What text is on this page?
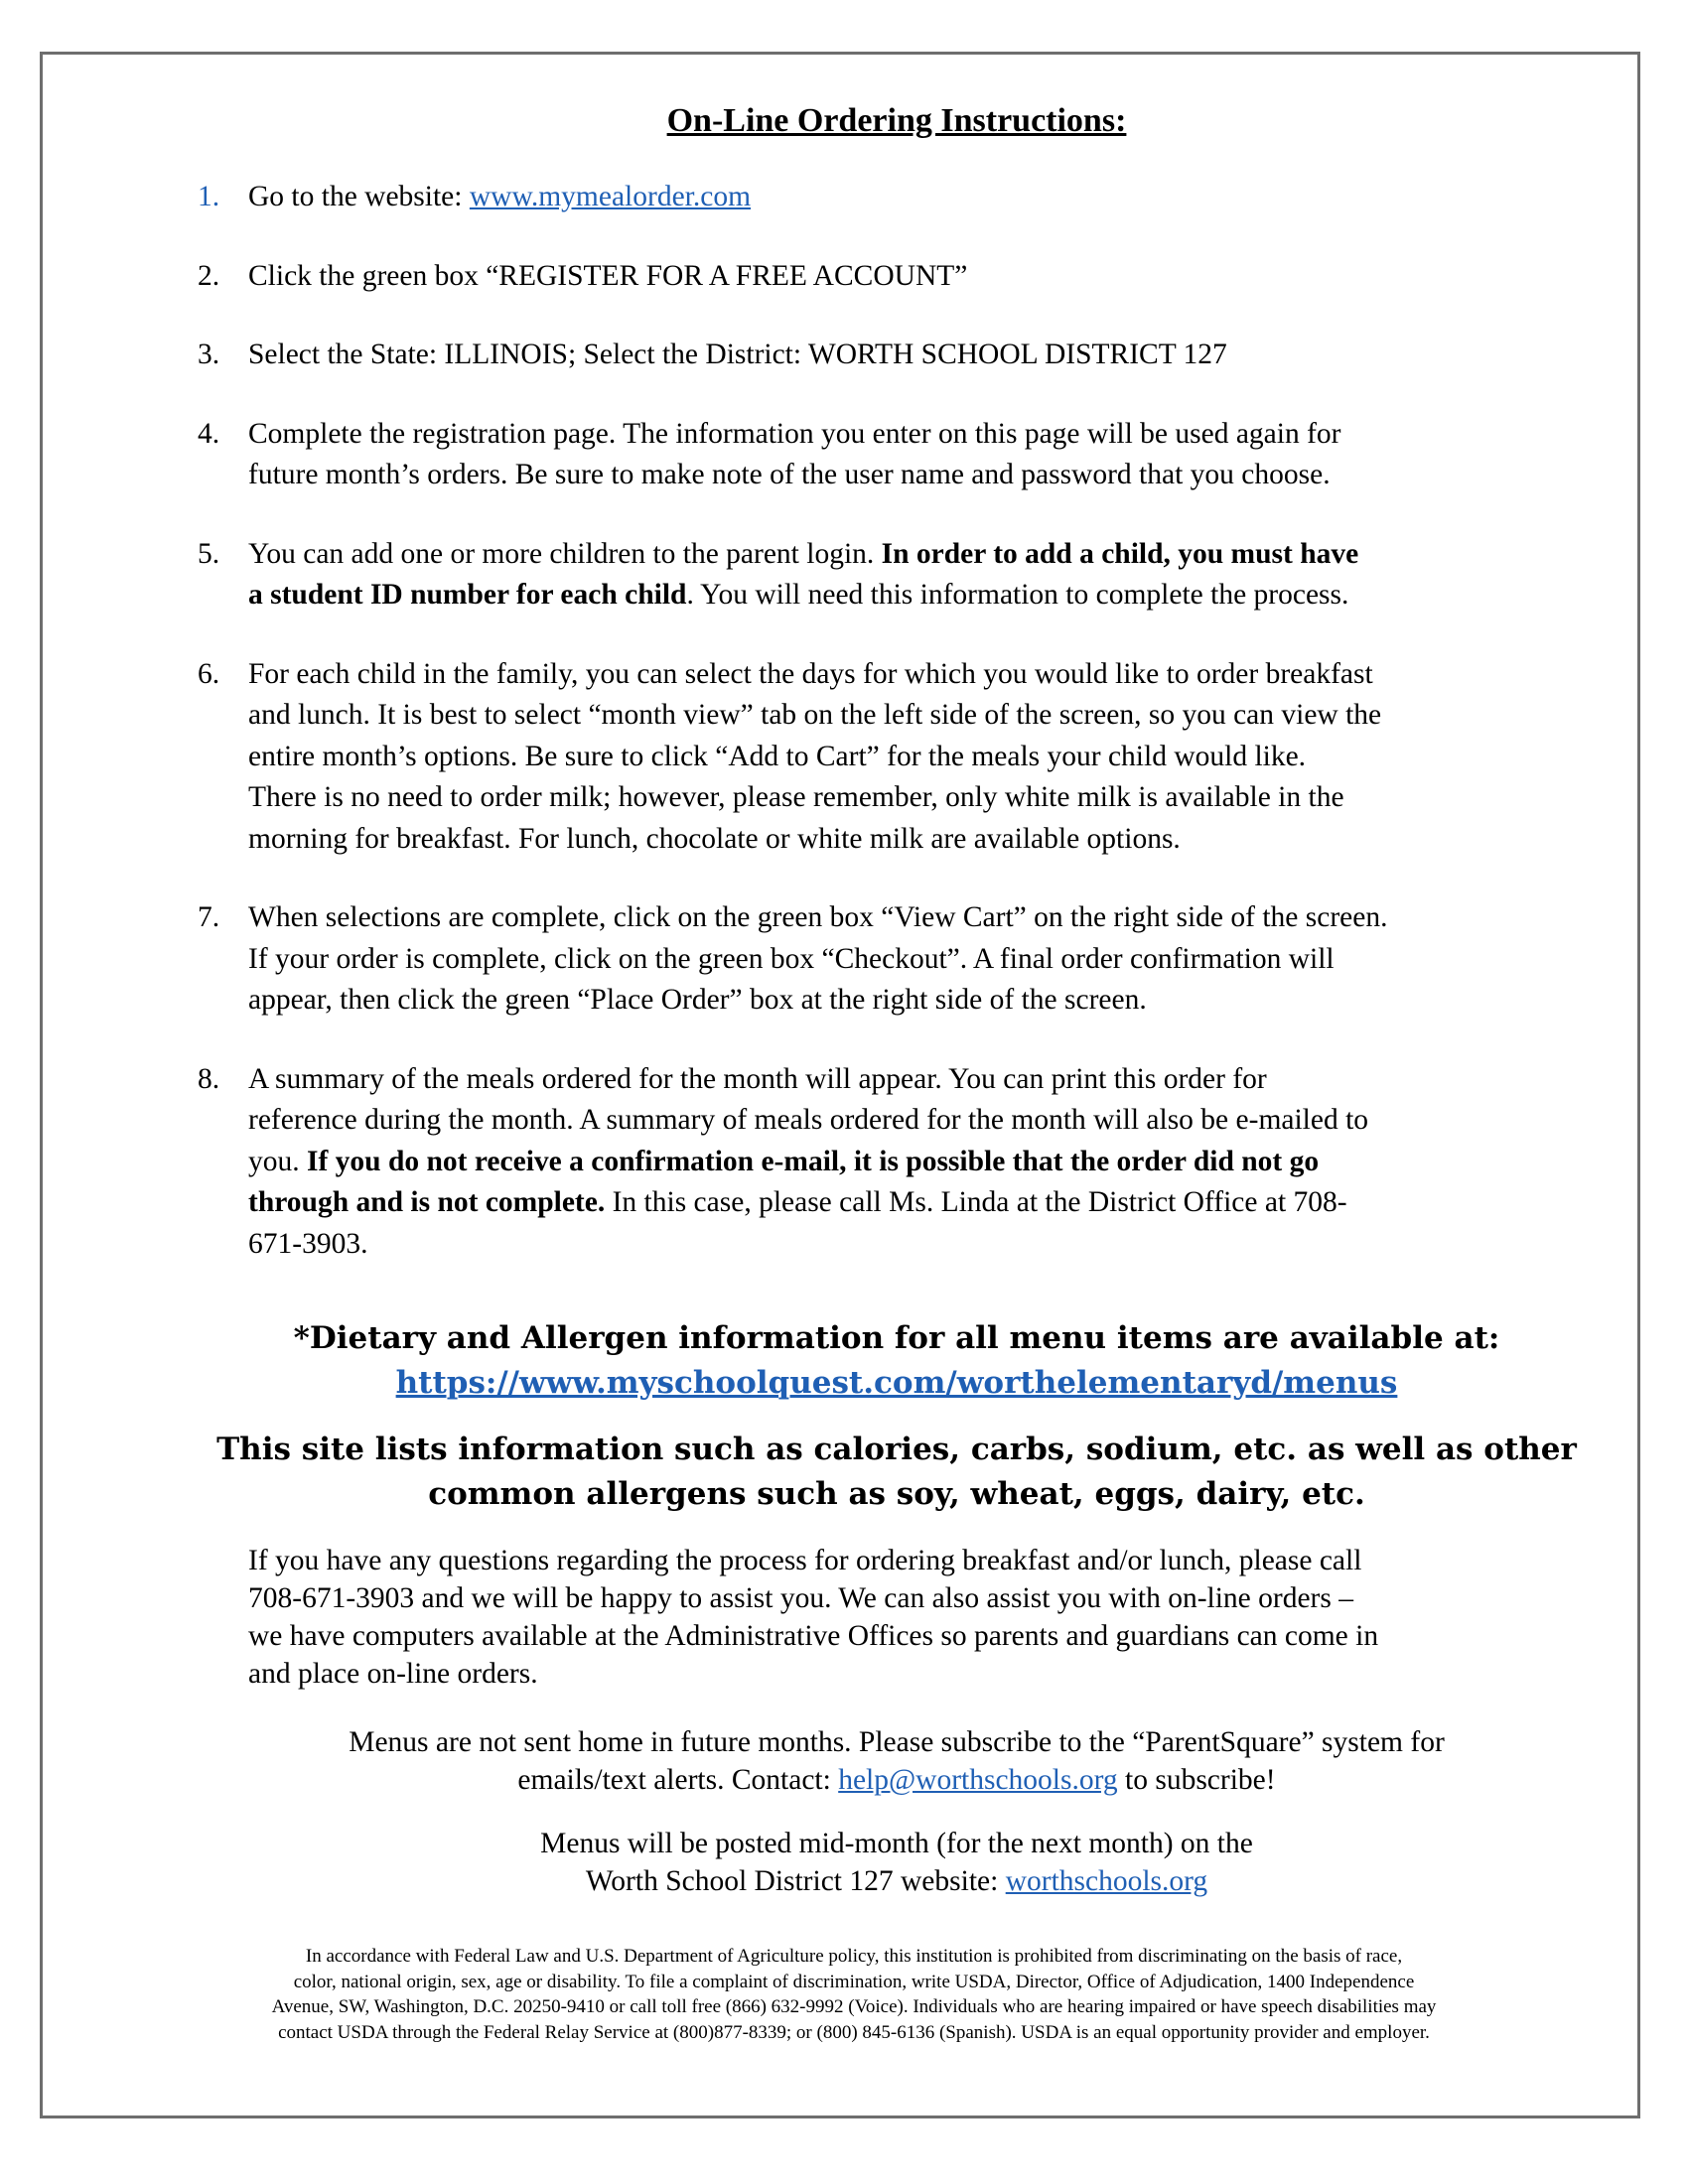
On-Line Ordering Instructions:
1. Go to the website: www.mymealorder.com
2. Click the green box “REGISTER FOR A FREE ACCOUNT”
3. Select the State: ILLINOIS; Select the District: WORTH SCHOOL DISTRICT 127
4. Complete the registration page. The information you enter on this page will be used again for
future month’s orders. Be sure to make note of the user name and password that you choose.
5. You can add one or more children to the parent login. In order to add a child, you must have
a student ID number for each child. You will need this information to complete the process.
6. For each child in the family, you can select the days for which you would like to order breakfast
and lunch. It is best to select “month view” tab on the left side of the screen, so you can view the
entire month’s options. Be sure to click “Add to Cart” for the meals your child would like.
There is no need to order milk; however, please remember, only white milk is available in the
morning for breakfast. For lunch, chocolate or white milk are available options.
7. When selections are complete, click on the green box “View Cart” on the right side of the screen.
If your order is complete, click on the green box “Checkout”. A final order confirmation will
appear, then click the green “Place Order” box at the right side of the screen.
8. A summary of the meals ordered for the month will appear. You can print this order for
reference during the month. A summary of meals ordered for the month will also be e-mailed to
you. If you do not receive a confirmation e-mail, it is possible that the order did not go
through and is not complete. In this case, please call Ms. Linda at the District Office at 708-
671-3903.
*Dietary and Allergen information for all menu items are available at:
https://www.myschoolquest.com/worthelementaryd/menus
This site lists information such as calories, carbs, sodium, etc. as well as other
common allergens such as soy, wheat, eggs, dairy, etc.

If you have any questions regarding the process for ordering breakfast and/or lunch, please call
708-671-3903 and we will be happy to assist you. We can also assist you with on-line orders –
we have computers available at the Administrative Offices so parents and guardians can come in
and place on-line orders.

Menus are not sent home in future months. Please subscribe to the “ParentSquare” system for
emails/text alerts. Contact: help@worthschools.org to subscribe!
Menus will be posted mid-month (for the next month) on the
Worth School District 127 website: worthschools.org
In accordance with Federal Law and U.S. Department of Agriculture policy, this institution is prohibited from discriminating on the basis of race,
color, national origin, sex, age or disability. To file a complaint of discrimination, write USDA, Director, Office of Adjudication, 1400 Independence
Avenue, SW, Washington, D.C. 20250-9410 or call toll free (866) 632-9992 (Voice). Individuals who are hearing impaired or have speech disabilities may
contact USDA through the Federal Relay Service at (800)877-8339; or (800) 845-6136 (Spanish). USDA is an equal opportunity provider and employer.
